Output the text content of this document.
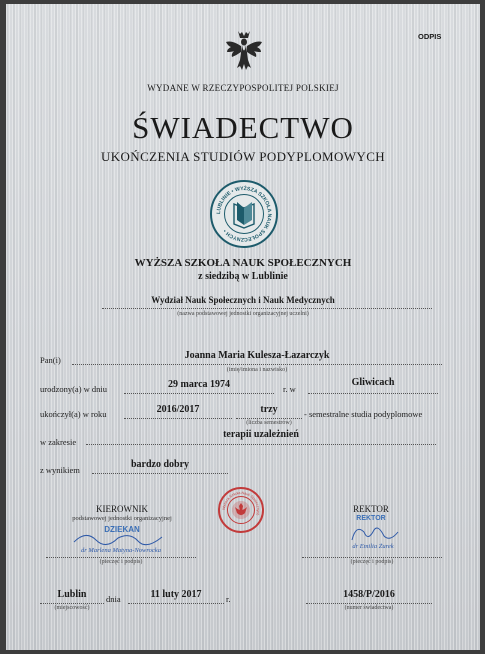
ODPIS
WYDANE W RZECZYPOSPOLITEJ POLSKIEJ
ŚWIADECTWO
UKOŃCZENIA STUDIÓW PODYPLOMOWYCH
LUBLINIE • WYŻSZA SZKOŁA NAUK SPOŁECZNYCH •
WYŻSZA SZKOŁA NAUK SPOŁECZNYCH
z siedzibą w Lublinie
Wydział Nauk Społecznych i Nauk Medycznych
(nazwa podstawowej jednostki organizacyjnej uczelni)
Pan(i)	Joanna Maria Kulesza-Łazarczyk
(imię/imiona i nazwisko)
urodzony(a) w dniu	29 marca 1974	r. w
Gliwicach
ukończył(a) w roku	2016/2017	trzy
(liczba semestrów)
- semestralne studia podyplomowe
w zakresie
terapii uzależnień
z wynikiem	bardzo dobry
KIEROWNIK
podstawowej jednostki organizacyjnej
DZIEKAN
dr Marlena Matyna-Nowrocka
(pieczęć i podpis)
Wyższa Szkoła Nauk Społecznych
REKTOR
REKTOR
dr Emilia Żurek
(pieczęć i podpis)
Lublin
(miejscowość)
dnia	11 luty 2017	r.	1458/P/2016
(numer świadectwa)
